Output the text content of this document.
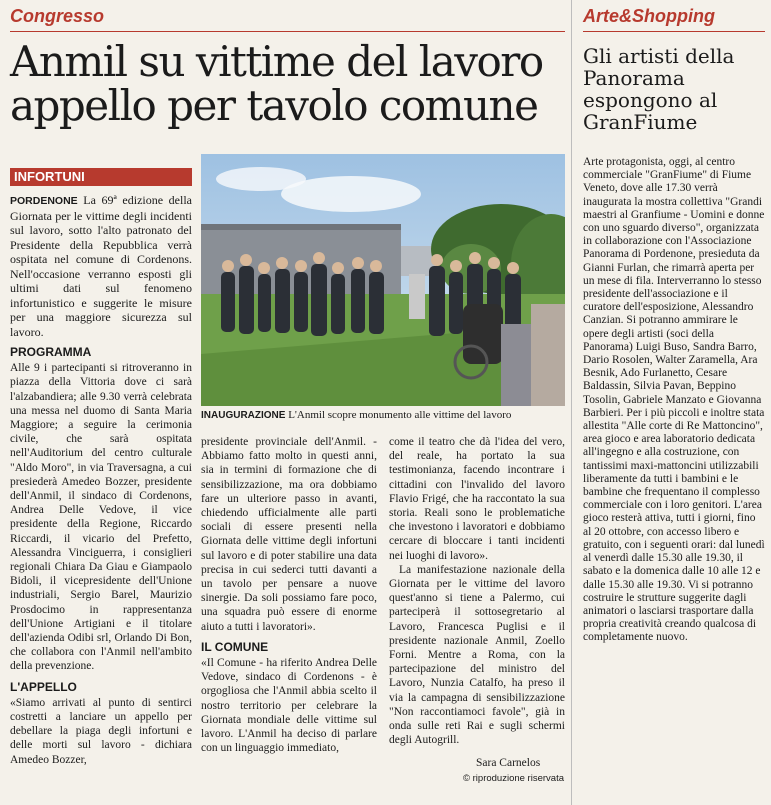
Congresso
Anmil su vittime del lavoro
appello per tavolo comune
INFORTUNI

PORDENONE La 69ª edizione della Giornata per le vittime degli incidenti sul lavoro, sotto l'alto patronato del Presidente della Repubblica verrà ospitata nel comune di Cordenons. Nell'occasione verranno esposti gli ultimi dati sul fenomeno infortunistico e suggerite le misure per una maggiore sicurezza sul lavoro.

PROGRAMMA

Alle 9 i partecipanti si ritroveranno in piazza della Vittoria dove ci sarà l'alzabandiera; alle 9.30 verrà celebrata una messa nel duomo di Santa Maria Maggiore; a seguire la cerimonia civile, che sarà ospitata nell'Auditorium del centro culturale "Aldo Moro", in via Traversagna, a cui presiederà Amedeo Bozzer, presidente dell'Anmil, il sindaco di Cordenons, Andrea Delle Vedove, il vice presidente della Regione, Riccardo Riccardi, il vicario del Prefetto, Alessandra Vinciguerra, i consiglieri regionali Chiara Da Giau e Giampaolo Bidoli, il vicepresidente dell'Unione industriali, Sergio Barel, Maurizio Prosdocimo in rappresentanza dell'Unione Artigiani e il titolare dell'azienda Odibi srl, Orlando Di Bon, che collabora con l'Anmil nell'ambito della prevenzione.

L'APPELLO

«Siamo arrivati al punto di sentirci costretti a lanciare un appello per debellare la piaga degli infortuni e delle morti sul lavoro - dichiara Amedeo Bozzer,

INAUGURAZIONE L'Anmil scopre monumento alle vittime del lavoro

presidente provinciale dell'Anmil. - Abbiamo fatto molto in questi anni, sia in termini di formazione che di sensibilizzazione, ma ora dobbiamo fare un ulteriore passo in avanti, chiedendo ufficialmente alle parti sociali di essere presenti nella Giornata delle vittime degli infortuni sul lavoro e di poter stabilire una data precisa in cui sederci tutti davanti a un tavolo per pensare a nuove sinergie. Da soli possiamo fare poco, una squadra può essere di enorme aiuto a tutti i lavoratori».

IL COMUNE

«Il Comune - ha riferito Andrea Delle Vedove, sindaco di Cordenons - è orgogliosa che l'Anmil abbia scelto il nostro territorio per celebrare la Giornata mondiale delle vittime sul lavoro. L'Anmil ha deciso di parlare con un linguaggio immediato,

come il teatro che dà l'idea del vero, del reale, ha portato la sua testimonianza, facendo incontrare i cittadini con l'invalido del lavoro Flavio Frigé, che ha raccontato la sua storia. Reali sono le problematiche che investono i lavoratori e dobbiamo cercare di bloccare i tanti incidenti nei luoghi di lavoro».

La manifestazione nazionale della Giornata per le vittime del lavoro quest'anno si tiene a Palermo, cui parteciperà il sottosegretario al Lavoro, Francesca Puglisi e il presidente nazionale Anmil, Zoello Forni. Mentre a Roma, con la partecipazione del ministro del Lavoro, Nunzia Catalfo, ha preso il via la campagna di sensibilizzazione "Non raccontiamoci favole", già in onda sulle reti Rai e sugli schermi degli Autogrill.

Sara Carnelos
© riproduzione riservata
Arte&Shopping
Gli artisti della Panorama espongono al GranFiume
Arte protagonista, oggi, al centro commerciale "GranFiume" di Fiume Veneto, dove alle 17.30 verrà inaugurata la mostra collettiva "Grandi maestri al Granfiume - Uomini e donne con uno sguardo diverso", organizzata in collaborazione con l'Associazione Panorama di Pordenone, presieduta da Gianni Furlan, che rimarrà aperta per un mese di fila. Interverranno lo stesso presidente dell'associazione e il curatore dell'esposizione, Alessandro Canzian. Si potranno ammirare le opere degli artisti (soci della Panorama) Luigi Buso, Sandra Barro, Dario Rosolen, Walter Zaramella, Ara Besnik, Ado Furlanetto, Cesare Baldassin, Silvia Pavan, Beppino Tosolin, Gabriele Manzato e Giovanna Barbieri. Per i più piccoli e inoltre stata allestita "Alle corte di Re Mattoncino", area gioco e area laboratorio dedicata all'ingegno e alla costruzione, con tantissimi maxi-mattoncini utilizzabili liberamente da tutti i bambini e le bambine che frequentano il complesso commerciale con i loro genitori. L'area gioco resterà attiva, tutti i giorni, fino al 20 ottobre, con accesso libero e gratuito, con i seguenti orari: dal lunedì al venerdì dalle 15.30 alle 19.30, il sabato e la domenica dalle 10 alle 12 e dalle 15.30 alle 19.30. Vi si potranno costruire le strutture suggerite dagli animatori o lasciarsi trasportare dalla propria creatività creando qualcosa di completamente nuovo.
